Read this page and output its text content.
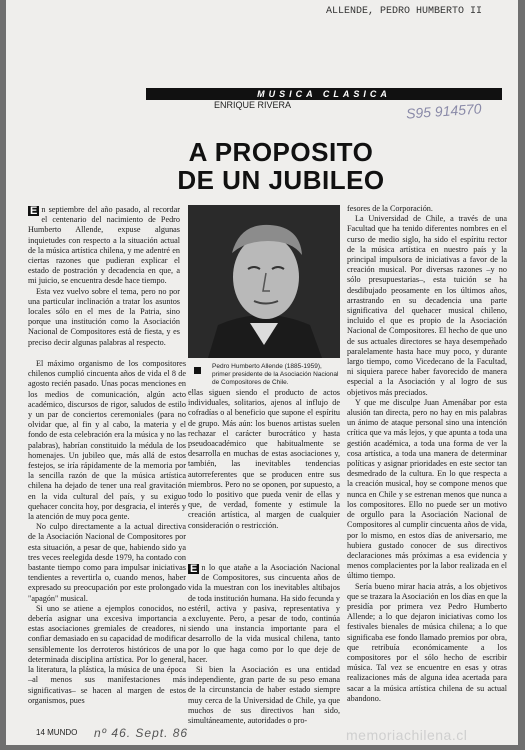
ALLENDE, PEDRO HUMBERTO II
MUSICA CLASICA
ENRIQUE RIVERA	S95 914570
A PROPOSITO
DE UN JUBILEO

E n septiembre del año pasado, al recordar el centenario del nacimiento de Pedro Humberto Allende, expuse algunas inquietudes con respecto a la situación actual de la música artística chilena, y me adentré en ciertas razones que pudieran explicar el estado de postración y decadencia en que, a mi juicio, se encuentra desde hace tiempo.

Esta vez vuelvo sobre el tema, pero no por una particular inclinación a tratar los asuntos locales sólo en el mes de la Patria, sino porque una institución como la Asociación Nacional de Compositores está de fiesta, y es preciso decir algunas palabras al respecto.

El máximo organismo de los compositores chilenos cumplió cincuenta años de vida el 8 de agosto recién pasado. Unas pocas menciones en los medios de comunicación, algún acto académico, discursos de rigor, saludos de estilo y un par de conciertos ceremoniales (para no olvidar que, al fin y al cabo, la materia y el fondo de esta celebración era la música y no las palabras), habrían constituido la médula de los homenajes. Un jubileo que, más allá de estos festejos, se iría rápidamente de la memoria por la sencilla razón de que la música artística chilena ha dejado de tener una real gravitación en la vida cultural del país, y su exiguo quehacer concita hoy, por desgracia, el interés y la atención de muy poca gente.

No culpo directamente a la actual directiva de la Asociación Nacional de Compositores por esta situación, a pesar de que, habiendo sido ya tres veces reelegida desde 1979, ha contado con bastante tiempo como para impulsar iniciativas tendientes a revertirla o, cuando menos, haber expresado su preocupación por este prolongado "apagón" musical.

Si uno se atiene a ejemplos conocidos, no debería asignar una excesiva importancia a estas asociaciones gremiales de creadores, ni confiar demasiado en su capacidad de modificar sensiblemente los derroteros históricos de una determinada disciplina artística. Por lo general, la literatura, la plástica, la música de una época –al menos sus manifestaciones más significativas– se hacen al margen de estos organismos, pues

Pedro Humberto Allende (1885-1959), primer presidente de la Asociación Nacional de Compositores de Chile.

ellas siguen siendo el producto de actos individuales, solitarios, ajenos al influjo de cofradías o al beneficio que supone el espíritu de grupo. Más aún: los buenos artistas suelen rechazar el carácter burocrático y hasta pseudoacadémico que habitualmente se desarrolla en muchas de estas asociaciones y, también, las inevitables tendencias autorreferentes que se producen entre sus miembros. Pero no se oponen, por supuesto, a todo lo positivo que pueda venir de ellas y que, de verdad, fomente y estimule la creación artística, al margen de cualquier consideración o restricción.

E n lo que atañe a la Asociación Nacional de Compositores, sus cincuenta años de vida la muestran con los inevitables altibajos de toda institución humana. Ha sido fecunda y estéril, activa y pasiva, representativa y excluyente. Pero, a pesar de todo, continúa siendo una instancia importante para el desarrollo de la vida musical chilena, tanto por lo que haga como por lo que deje de hacer.

Si bien la Asociación es una entidad independiente, gran parte de su peso emana de la circunstancia de haber estado siempre muy cerca de la Universidad de Chile, ya que muchos de sus directivos han sido, simultáneamente, autoridades o pro-

fesores de la Corporación.

La Universidad de Chile, a través de una Facultad que ha tenido diferentes nombres en el curso de medio siglo, ha sido el espíritu rector de la música artística en nuestro país y la principal impulsora de iniciativas a favor de la creación musical. Por diversas razones –y no sólo presupuestarias–, esta tuición se ha desdibujado peosamente en los últimos años, arrastrando en su decadencia una parte significativa del quehacer musical chileno, incluido el que es propio de la Asociación Nacional de Compositores. El hecho de que uno de sus actuales directores se haya desempeñado paralelamente hasta hace muy poco, y durante largo tiempo, como Vicedecano de la Facultad, ni siquiera parece haber favorecido de manera especial a la Asociación y al logro de sus objetivos más preciados.

Y que me disculpe Juan Amenábar por esta alusión tan directa, pero no hay en mis palabras un ánimo de ataque personal sino una intención crítica que va más lejos, y que apunta a toda una gestión académica, a toda una forma de ver la cosa artística, a toda una manera de determinar políticas y asignar prioridades en este sector tan desmedrado de la cultura. En lo que respecta a la creación musical, hoy se compone menos que nunca en Chile y se estrenan menos que nunca a los compositores. Ello no puede ser un motivo de orgullo para la Asociación Nacional de Compositores al cumplir cincuenta años de vida, por lo mismo, en estos días de aniversario, me hubiera gustado conocer de sus directivos declaraciones más próximas a esa evidencia y menos complacientes por la labor realizada en el último tiempo.

Sería bueno mirar hacia atrás, a los objetivos que se trazara la Asociación en los días en que la presidía por primera vez Pedro Humberto Allende; a lo que dejaron iniciativas como los festivales bienales de música chilena; a lo que significaba ese fondo llamado premios por obra, que retribuía económicamente a los compositores por el sólo hecho de escribir música. Tal vez se encuentre en esas y otras realizaciones más de alguna idea acertada para sacar a la música artística chilena de su actual abandono.

14 MUNDO nº 46. Sept. 86	memoriachilena.cl
